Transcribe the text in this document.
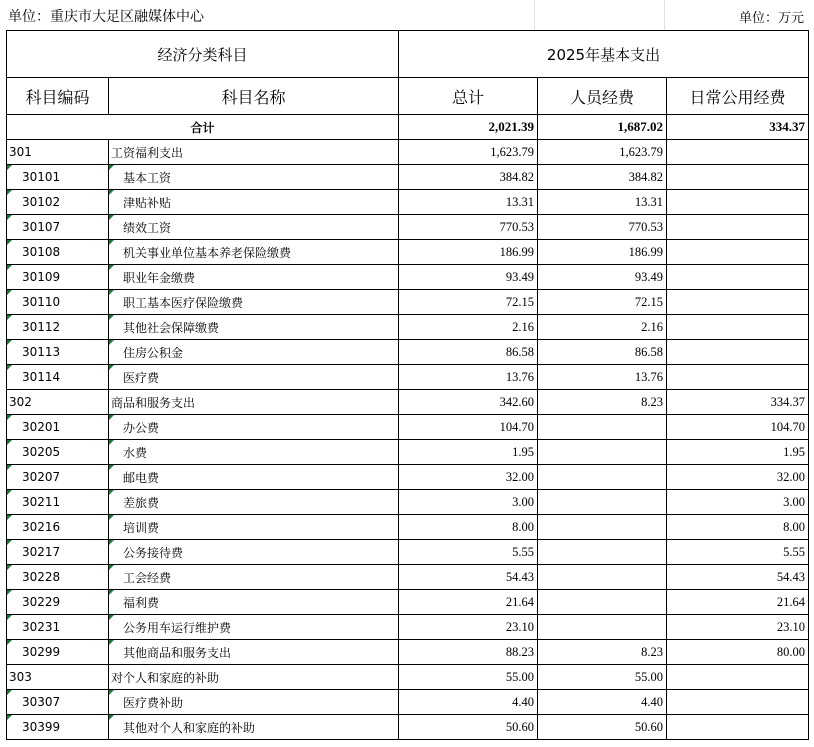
单位：重庆市大足区融媒体中心	单位：万元
经济分类科目		2025年基本支出		
科目编码	科目名称	总计	人员经费	日常公用经费
合计		2,021.39	1,687.02	334.37
301	工资福利支出	1,623.79	1,623.79	
30101	基本工资	384.82	384.82	
30102	津贴补贴	13.31	13.31	
30107	绩效工资	770.53	770.53	
30108	机关事业单位基本养老保险缴费	186.99	186.99	
30109	职业年金缴费	93.49	93.49	
30110	职工基本医疗保险缴费	72.15	72.15	
30112	其他社会保障缴费	2.16	2.16	
30113	住房公积金	86.58	86.58	
30114	医疗费	13.76	13.76	
302	商品和服务支出	342.60	8.23	334.37
30201	办公费	104.70		104.70
30205	水费	1.95		1.95
30207	邮电费	32.00		32.00
30211	差旅费	3.00		3.00
30216	培训费	8.00		8.00
30217	公务接待费	5.55		5.55
30228	工会经费	54.43		54.43
30229	福利费	21.64		21.64
30231	公务用车运行维护费	23.10		23.10
30299	其他商品和服务支出	88.23	8.23	80.00
303	对个人和家庭的补助	55.00	55.00	
30307	医疗费补助	4.40	4.40	
30399	其他对个人和家庭的补助	50.60	50.60	
